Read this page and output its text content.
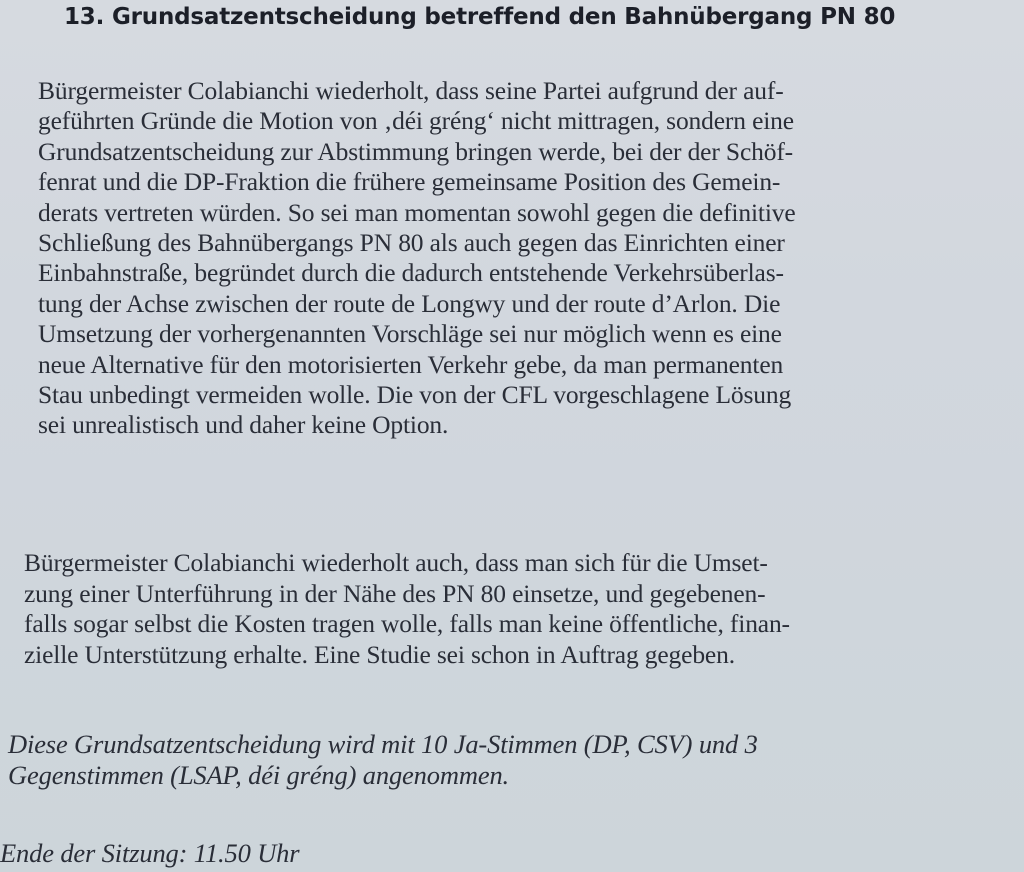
13. Grundsatzentscheidung betreffend den Bahnübergang PN 80
Bürgermeister Colabianchi wiederholt, dass seine Partei aufgrund der auf-
geführten Gründe die Motion von ‚déi gréng‘ nicht mittragen, sondern eine
Grundsatzentscheidung zur Abstimmung bringen werde, bei der der Schöf-
fenrat und die DP-Fraktion die frühere gemeinsame Position des Gemein-
derats vertreten würden. So sei man momentan sowohl gegen die definitive
Schließung des Bahnübergangs PN 80 als auch gegen das Einrichten einer
Einbahnstraße, begründet durch die dadurch entstehende Verkehrsüberlas-
tung der Achse zwischen der route de Longwy und der route d’Arlon. Die
Umsetzung der vorhergenannten Vorschläge sei nur möglich wenn es eine
neue Alternative für den motorisierten Verkehr gebe, da man permanenten
Stau unbedingt vermeiden wolle. Die von der CFL vorgeschlagene Lösung
sei unrealistisch und daher keine Option.
Bürgermeister Colabianchi wiederholt auch, dass man sich für die Umset-
zung einer Unterführung in der Nähe des PN 80 einsetze, und gegebenen-
falls sogar selbst die Kosten tragen wolle, falls man keine öffentliche, finan-
zielle Unterstützung erhalte. Eine Studie sei schon in Auftrag gegeben.
Diese Grundsatzentscheidung wird mit 10 Ja-Stimmen (DP, CSV) und 3
Gegenstimmen (LSAP, déi gréng) angenommen.
Ende der Sitzung: 11.50 Uhr
